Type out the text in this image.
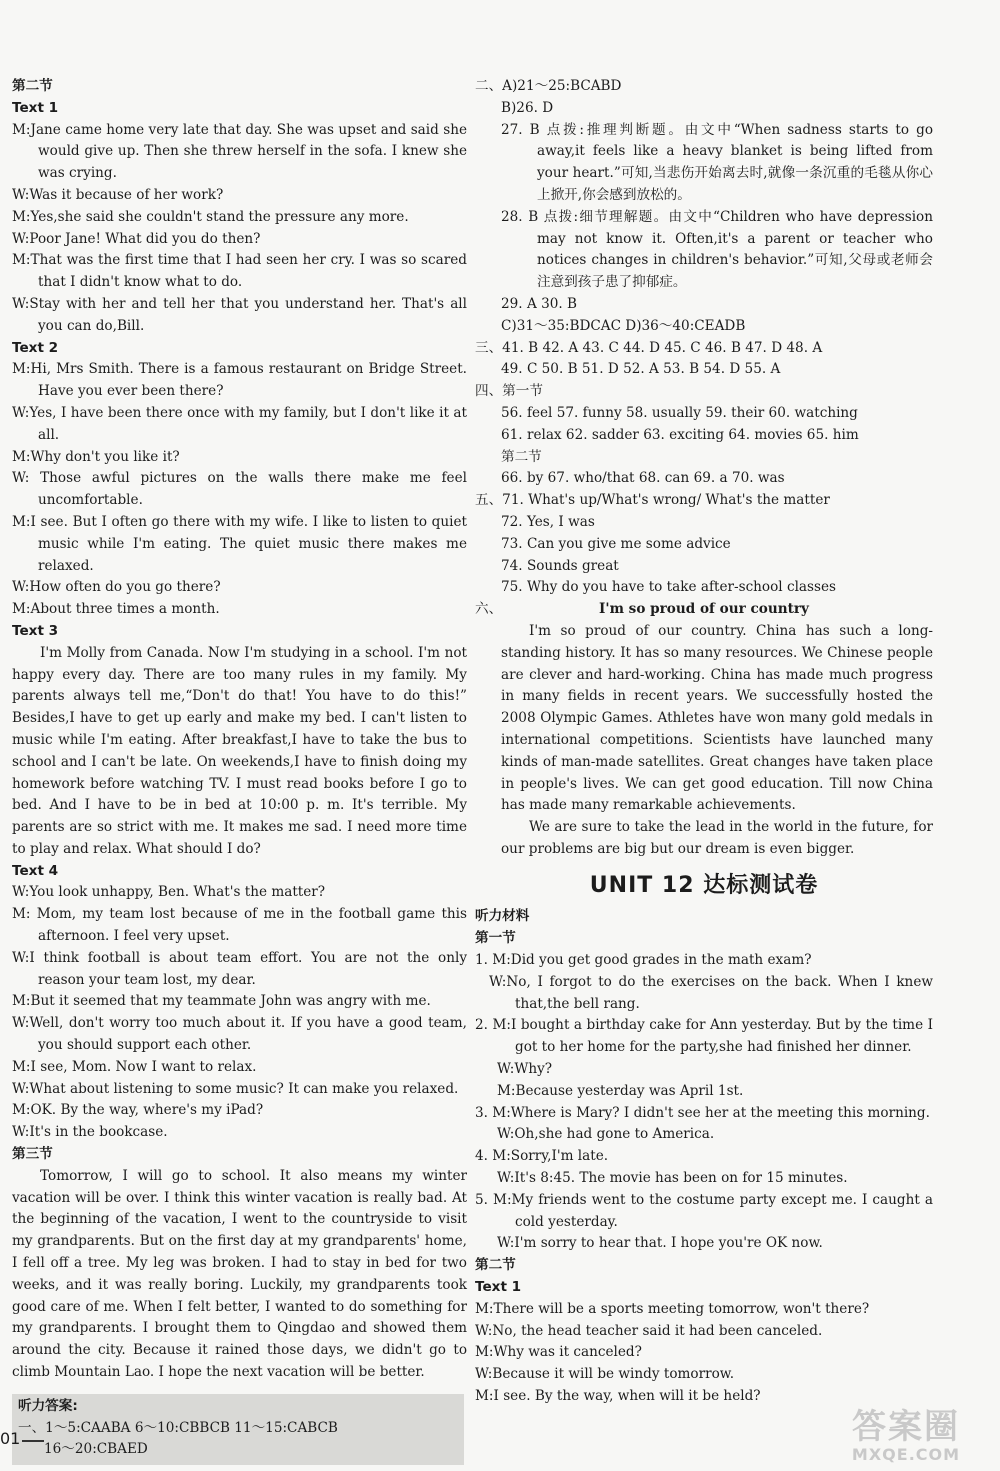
第二节
Text 1
M:Jane came home very late that day. She was upset and said she would give up. Then she threw herself in the sofa. I knew she was crying.
W:Was it because of her work?
M:Yes,she said she couldn't stand the pressure any more.
W:Poor Jane! What did you do then?
M:That was the first time that I had seen her cry. I was so scared that I didn't know what to do.
W:Stay with her and tell her that you understand her. That's all you can do,Bill.
Text 2
M:Hi, Mrs Smith. There is a famous restaurant on Bridge Street. Have you ever been there?
W:Yes, I have been there once with my family, but I don't like it at all.
M:Why don't you like it?
W: Those awful pictures on the walls there make me feel uncomfortable.
M:I see. But I often go there with my wife. I like to listen to quiet music while I'm eating. The quiet music there makes me relaxed.
W:How often do you go there?
M:About three times a month.
Text 3
I'm Molly from Canada. Now I'm studying in a school. I'm not happy every day. There are too many rules in my family. My parents always tell me,“Don't do that! You have to do this!” Besides,I have to get up early and make my bed. I can't listen to music while I'm eating. After breakfast,I have to take the bus to school and I can't be late. On weekends,I have to finish doing my homework before watching TV. I must read books before I go to bed. And I have to be in bed at 10:00 p. m. It's terrible. My parents are so strict with me. It makes me sad. I need more time to play and relax. What should I do?
Text 4
W:You look unhappy, Ben. What's the matter?
M: Mom, my team lost because of me in the football game this afternoon. I feel very upset.
W:I think football is about team effort. You are not the only reason your team lost, my dear.
M:But it seemed that my teammate John was angry with me.
W:Well, don't worry too much about it. If you have a good team, you should support each other.
M:I see, Mom. Now I want to relax.
W:What about listening to some music? It can make you relaxed.
M:OK. By the way, where's my iPad?
W:It's in the bookcase.
第三节
Tomorrow, I will go to school. It also means my winter vacation will be over. I think this winter vacation is really bad. At the beginning of the vacation, I went to the countryside to visit my grandparents. But on the first day at my grandparents' home, I fell off a tree. My leg was broken. I had to stay in bed for two weeks, and it was really boring. Luckily, my grandparents took good care of me. When I felt better, I wanted to do something for my grandparents. I brought them to Qingdao and showed them around the city. Because it rained those days, we didn't go to climb Mountain Lao. I hope the next vacation will be better.
听力答案:
一、1～5:CAABA 6～10:CBBCB 11～15:CABCB
16～20:CBAED
二、A)21～25:BCABD
B)26. D
27. B 点拨:推理判断题。由文中“When sadness starts to go away,it feels like a heavy blanket is being lifted from your heart.”可知,当悲伤开始离去时,就像一条沉重的毛毯从你心上掀开,你会感到放松的。
28. B 点拨:细节理解题。由文中“Children who have depression may not know it. Often,it's a parent or teacher who notices changes in children's behavior.”可知,父母或老师会注意到孩子患了抑郁症。
29. A 30. B
C)31～35:BDCAC D)36～40:CEADB
三、41. B 42. A 43. C 44. D 45. C 46. B 47. D 48. A
49. C 50. B 51. D 52. A 53. B 54. D 55. A
四、第一节
56. feel 57. funny 58. usually 59. their 60. watching
61. relax 62. sadder 63. exciting 64. movies 65. him
第二节
66. by 67. who/that 68. can 69. a 70. was
五、71. What's up/What's wrong/ What's the matter
72. Yes, I was
73. Can you give me some advice
74. Sounds great
75. Why do you have to take after-school classes
六、	I'm so proud of our country
I'm so proud of our country. China has such a long-standing history. It has so many resources. We Chinese people are clever and hard-working. China has made much progress in many fields in recent years. We successfully hosted the 2008 Olympic Games. Athletes have won many gold medals in international competitions. Scientists have launched many kinds of man-made satellites. Great changes have taken place in people's lives. We can get good education. Till now China has made many remarkable achievements.
We are sure to take the lead in the world in the future, for our problems are big but our dream is even bigger.
UNIT 12 达标测试卷
听力材料
第一节
1. M:Did you get good grades in the math exam?
W:No, I forgot to do the exercises on the back. When I knew that,the bell rang.
2. M:I bought a birthday cake for Ann yesterday. But by the time I got to her home for the party,she had finished her dinner.
W:Why?
M:Because yesterday was April 1st.
3. M:Where is Mary? I didn't see her at the meeting this morning.
W:Oh,she had gone to America.
4. M:Sorry,I'm late.
W:It's 8:45. The movie has been on for 15 minutes.
5. M:My friends went to the costume party except me. I caught a cold yesterday.
W:I'm sorry to hear that. I hope you're OK now.
第二节
Text 1
M:There will be a sports meeting tomorrow, won't there?
W:No, the head teacher said it had been canceled.
M:Why was it canceled?
W:Because it will be windy tomorrow.
M:I see. By the way, when will it be held?
01	答案圈
MXQE.COM
